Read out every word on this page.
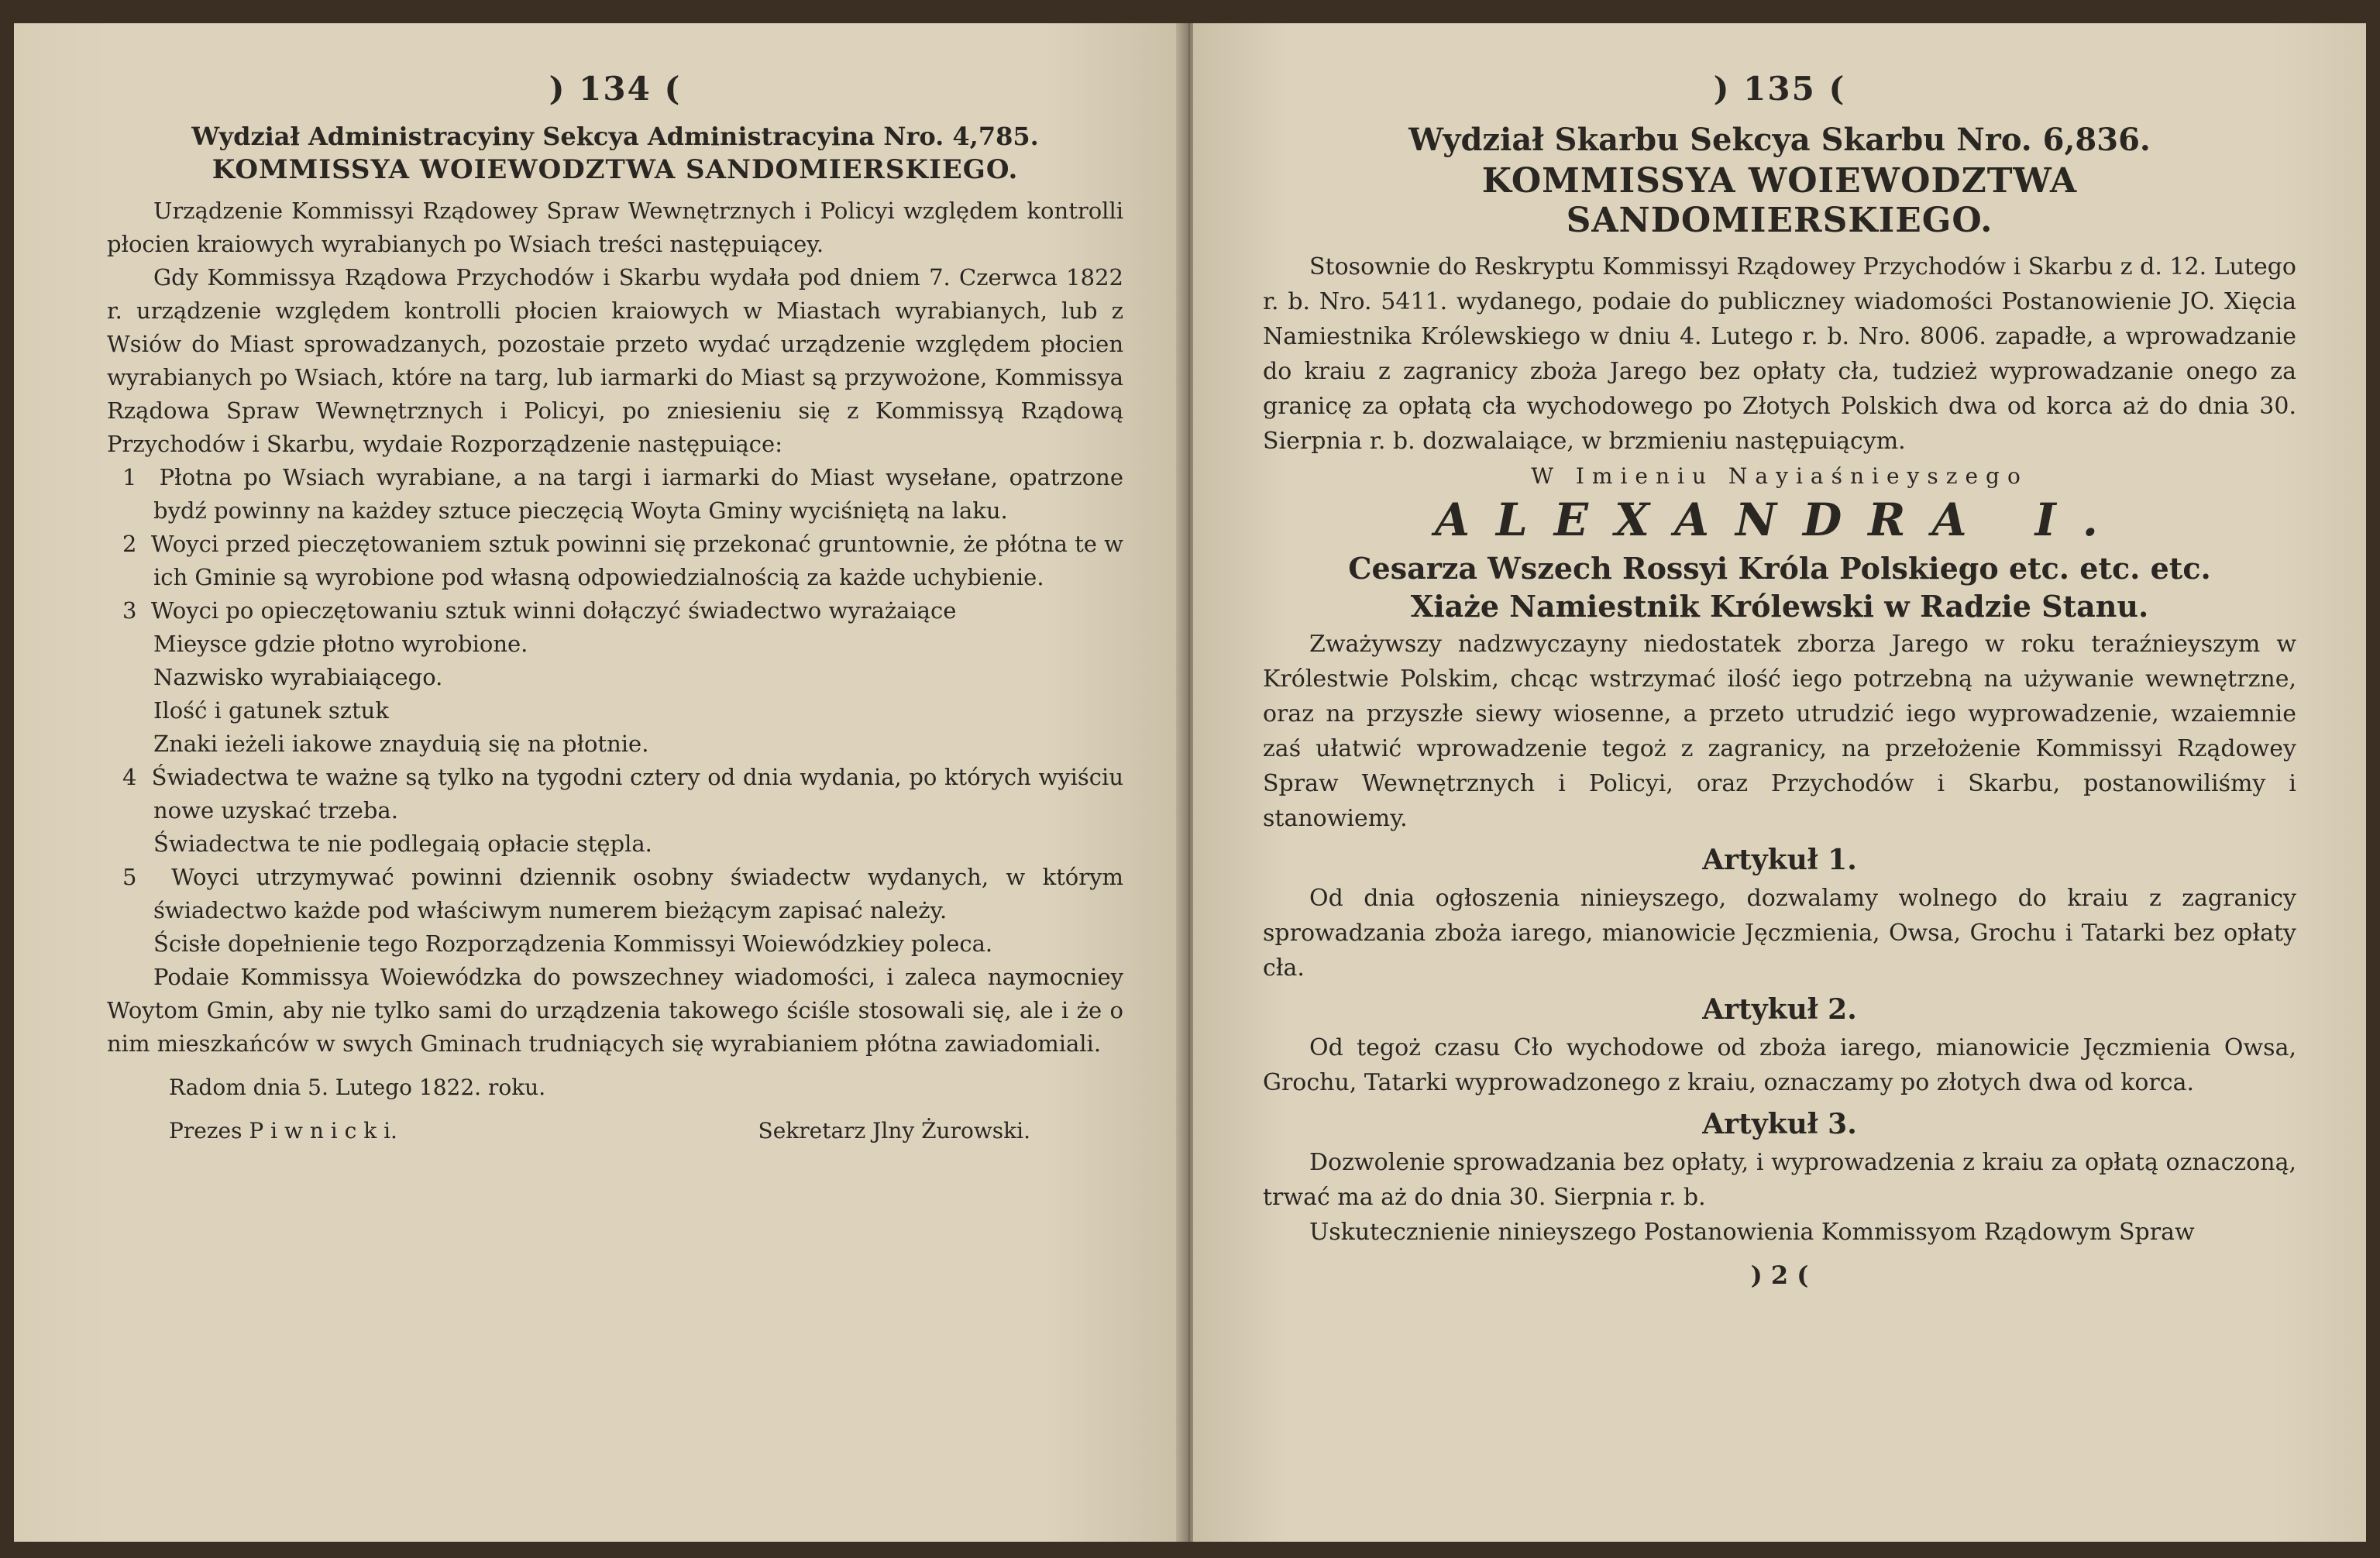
) 134 (
Wydział Administracyiny Sekcya Administracyina Nro. 4,785.
KOMMISSYA WOIEWODZTWA SANDOMIERSKIEGO.

Urządzenie Kommissyi Rządowey Spraw Wewnętrznych i Policyi względem kontrolli płocien kraiowych wyrabianych po Wsiach treści następuiącey.

Gdy Kommissya Rządowa Przychodów i Skarbu wydała pod dniem 7. Czerwca 1822 r. urządzenie względem kontrolli płocien kraiowych w Miastach wyrabianych, lub z Wsiów do Miast sprowadzanych, pozostaie przeto wydać urządzenie względem płocien wyrabianych po Wsiach, które na targ, lub iarmarki do Miast są przywożone, Kommissya Rządowa Spraw Wewnętrznych i Policyi, po zniesieniu się z Kommissyą Rządową Przychodów i Skarbu, wydaie Rozporządzenie następuiące:

1 Płotna po Wsiach wyrabiane, a na targi i iarmarki do Miast wysełane, opatrzone bydź powinny na każdey sztuce pieczęcią Woyta Gminy wyciśniętą na laku.

2 Woyci przed pieczętowaniem sztuk powinni się przekonać gruntownie, że płótna te w ich Gminie są wyrobione pod własną odpowiedzialnością za każde uchybienie.

3 Woyci po opieczętowaniu sztuk winni dołączyć świadectwo wyrażaiące

Mieysce gdzie płotno wyrobione.

Nazwisko wyrabiaiącego.

Ilość i gatunek sztuk

Znaki ieżeli iakowe znayduią się na płotnie.

4 Świadectwa te ważne są tylko na tygodni cztery od dnia wydania, po których wyiściu nowe uzyskać trzeba.

Świadectwa te nie podlegaią opłacie stępla.

5 Woyci utrzymywać powinni dziennik osobny świadectw wydanych, w którym świadectwo każde pod właściwym numerem bieżącym zapisać należy.

Ścisłe dopełnienie tego Rozporządzenia Kommissyi Woiewódzkiey poleca.

Podaie Kommissya Woiewódzka do powszechney wiadomości, i zaleca naymocniey Woytom Gmin, aby nie tylko sami do urządzenia takowego ściśle stosowali się, ale i że o nim mieszkańców w swych Gminach trudniących się wyrabianiem płótna zawiadomiali.

Radom dnia 5. Lutego 1822. roku.
Prezes P i w n i c k i.	Sekretarz Jlny Żurowski.
) 135 (
Wydział Skarbu Sekcya Skarbu Nro. 6,836.
KOMMISSYA WOIEWODZTWA SANDOMIERSKIEGO.

Stosownie do Reskryptu Kommissyi Rządowey Przychodów i Skarbu z d. 12. Lutego r. b. Nro. 5411. wydanego, podaie do publiczney wiadomości Postanowienie JO. Xięcia Namiestnika Królewskiego w dniu 4. Lutego r. b. Nro. 8006. zapadłe, a wprowadzanie do kraiu z zagranicy zboża Jarego bez opłaty cła, tudzież wyprowadzanie onego za granicę za opłatą cła wychodowego po Złotych Polskich dwa od korca aż do dnia 30. Sierpnia r. b. dozwalaiące, w brzmieniu następuiącym.

W Imieniu Nayiaśnieyszego
ALEXANDRA I.
Cesarza Wszech Rossyi Króla Polskiego etc. etc. etc.
Xiaże Namiestnik Królewski w Radzie Stanu.

Zważywszy nadzwyczayny niedostatek zborza Jarego w roku teraźnieyszym w Królestwie Polskim, chcąc wstrzymać ilość iego potrzebną na używanie wewnętrzne, oraz na przyszłe siewy wiosenne, a przeto utrudzić iego wyprowadzenie, wzaiemnie zaś ułatwić wprowadzenie tegoż z zagranicy, na przełożenie Kommissyi Rządowey Spraw Wewnętrznych i Policyi, oraz Przychodów i Skarbu, postanowiliśmy i stanowiemy.

Artykuł 1.

Od dnia ogłoszenia ninieyszego, dozwalamy wolnego do kraiu z zagranicy sprowadzania zboża iarego, mianowicie Jęczmienia, Owsa, Grochu i Tatarki bez opłaty cła.

Artykuł 2.

Od tegoż czasu Cło wychodowe od zboża iarego, mianowicie Jęczmienia Owsa, Grochu, Tatarki wyprowadzonego z kraiu, oznaczamy po złotych dwa od korca.

Artykuł 3.

Dozwolenie sprowadzania bez opłaty, i wyprowadzenia z kraiu za opłatą oznaczoną, trwać ma aż do dnia 30. Sierpnia r. b.

Uskutecznienie ninieyszego Postanowienia Kommissyom Rządowym Spraw

) 2 (
